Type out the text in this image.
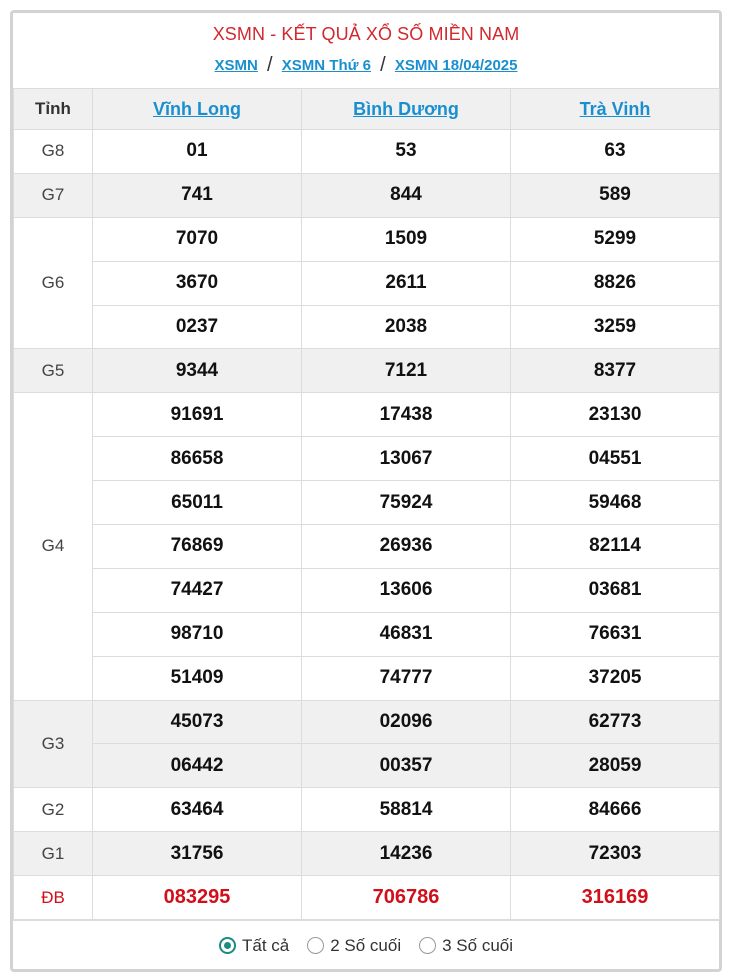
XSMN - KẾT QUẢ XỔ SỐ MIỀN NAM
XSMN / XSMN Thứ 6 / XSMN 18/04/2025
Tỉnh	Vĩnh Long	Bình Dương	Trà Vinh
G8	01	53	63
G7	741	844	589
G6	7070	1509	5299
	3670	2611	8826
	0237	2038	3259
G5	9344	7121	8377
G4	91691	17438	23130
	86658	13067	04551
	65011	75924	59468
	76869	26936	82114
	74427	13606	03681
	98710	46831	76631
	51409	74777	37205
G3	45073	02096	62773
	06442	00357	28059
G2	63464	58814	84666
G1	31756	14236	72303
ĐB	083295	706786	316169
Tất cả 2 Số cuối 3 Số cuối
